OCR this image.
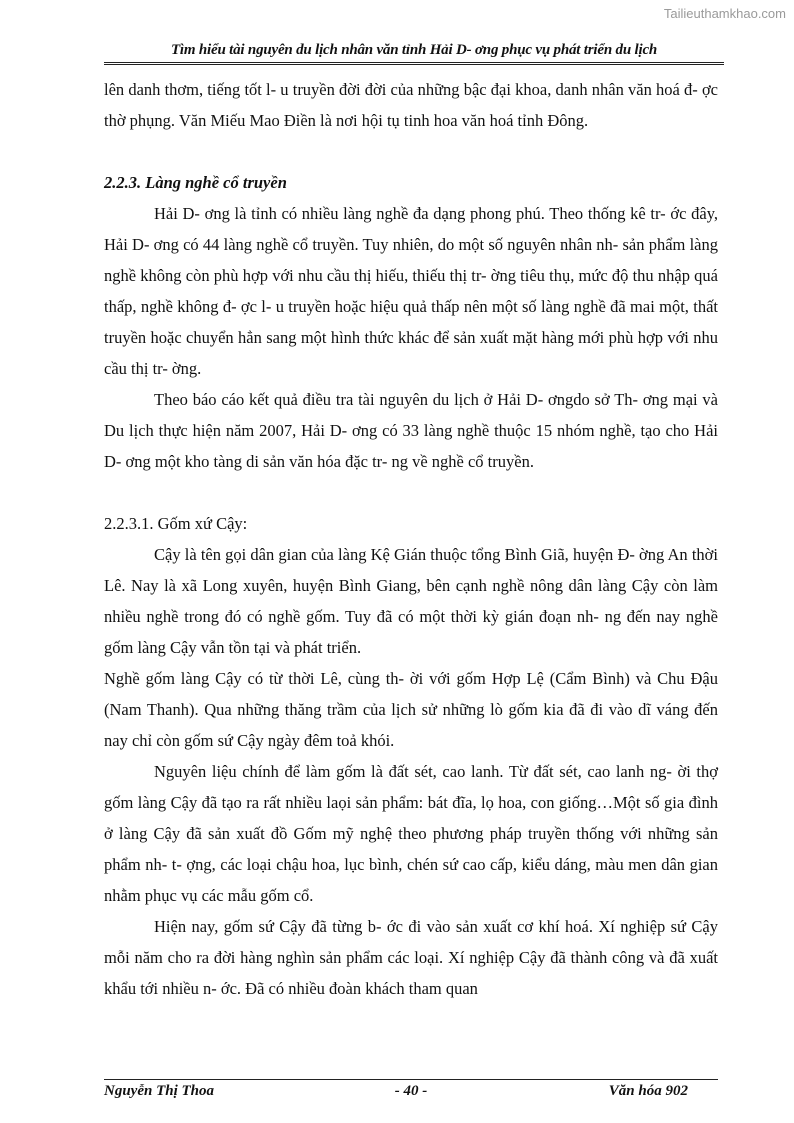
Tailieuthamkhao.com
Tìm hiểu tài nguyên du lịch nhân văn tỉnh Hải D- ơng phục vụ phát triển du lịch

lên danh thơm, tiếng tốt l- u truyền đời đời của những bậc đại khoa, danh nhân văn hoá đ- ợc thờ phụng. Văn Miếu Mao Điền là nơi hội tụ tinh hoa văn hoá tỉnh Đông.

2.2.3. Làng nghề cổ truyền

Hải D- ơng là tỉnh có nhiều làng nghề đa dạng phong phú. Theo thống kê tr- ớc đây, Hải D- ơng có 44 làng nghề cổ truyền. Tuy nhiên, do một số nguyên nhân nh- sản phẩm làng nghề không còn phù hợp với nhu cầu thị hiếu, thiếu thị tr- ờng tiêu thụ, mức độ thu nhập quá thấp, nghề không đ- ợc l- u truyền hoặc hiệu quả thấp nên một số làng nghề đã mai một, thất truyền hoặc chuyển hẳn sang một hình thức khác để sản xuất mặt hàng mới phù hợp với nhu cầu thị tr- ờng.

Theo báo cáo kết quả điều tra tài nguyên du lịch ở Hải D- ơngdo sở Th- ơng mại và Du lịch thực hiện năm 2007, Hải D- ơng có 33 làng nghề thuộc 15 nhóm nghề, tạo cho Hải D- ơng một kho tàng di sản văn hóa đặc tr- ng về nghề cổ truyền.

2.2.3.1. Gốm xứ Cậy:

Cậy là tên gọi dân gian của làng Kệ Gián thuộc tổng Bình Giã, huyện Đ- ờng An thời Lê. Nay là xã Long xuyên, huyện Bình Giang, bên cạnh nghề nông dân làng Cậy còn làm nhiều nghề trong đó có nghề gốm. Tuy đã có một thời kỳ gián đoạn nh- ng đến nay nghề gốm làng Cậy vẫn tồn tại và phát triển.

Nghề gốm làng Cậy có từ thời Lê, cùng th- ời với gốm Hợp Lệ (Cẩm Bình) và Chu Đậu (Nam Thanh). Qua những thăng trầm của lịch sử những lò gốm kia đã đi vào dĩ váng đến nay chỉ còn gốm sứ Cậy ngày đêm toả khói.

Nguyên liệu chính để làm gốm là đất sét, cao lanh. Từ đất sét, cao lanh ng- ời thợ gốm làng Cậy đã tạo ra rất nhiều laọi sản phẩm: bát đĩa, lọ hoa, con giống…Một số gia đình ở làng Cậy đã sản xuất đồ Gốm mỹ nghệ theo phương pháp truyền thống với những sản phẩm nh- t- ợng, các loại chậu hoa, lục bình, chén sứ cao cấp, kiểu dáng, màu men dân gian nhằm phục vụ các mẫu gốm cổ.

Hiện nay, gốm sứ Cậy đã từng b- ớc đi vào sản xuất cơ khí hoá. Xí nghiệp sứ Cậy mỗi năm cho ra đời hàng nghìn sản phẩm các loại. Xí nghiệp Cậy đã thành công và đã xuất khẩu tới nhiều n- ớc. Đã có nhiều đoàn khách tham quan

Nguyễn Thị Thoa	- 40 -	Văn hóa 902
